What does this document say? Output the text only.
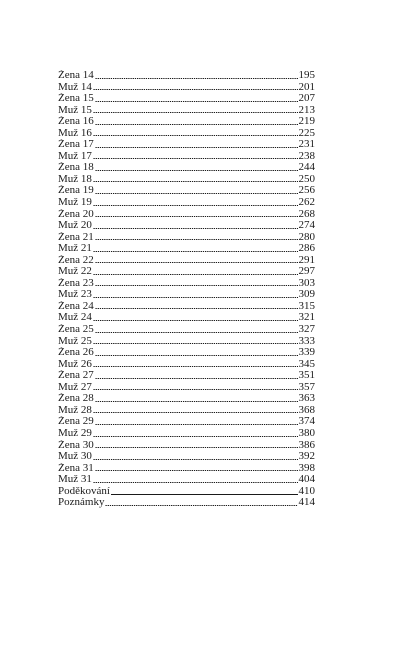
Žena 14	195
Muž 14	201
Žena 15	207
Muž 15	213
Žena 16	219
Muž 16	225
Žena 17	231
Muž 17	238
Žena 18	244
Muž 18	250
Žena 19	256
Muž 19	262
Žena 20	268
Muž 20	274
Žena 21	280
Muž 21	286
Žena 22	291
Muž 22	297
Žena 23	303
Muž 23	309
Žena 24	315
Muž 24	321
Žena 25	327
Muž 25	333
Žena 26	339
Muž 26	345
Žena 27	351
Muž 27	357
Žena 28	363
Muž 28	368
Žena 29	374
Muž 29	380
Žena 30	386
Muž 30	392
Žena 31	398
Muž 31	404
Poděkování	410
Poznámky	414
